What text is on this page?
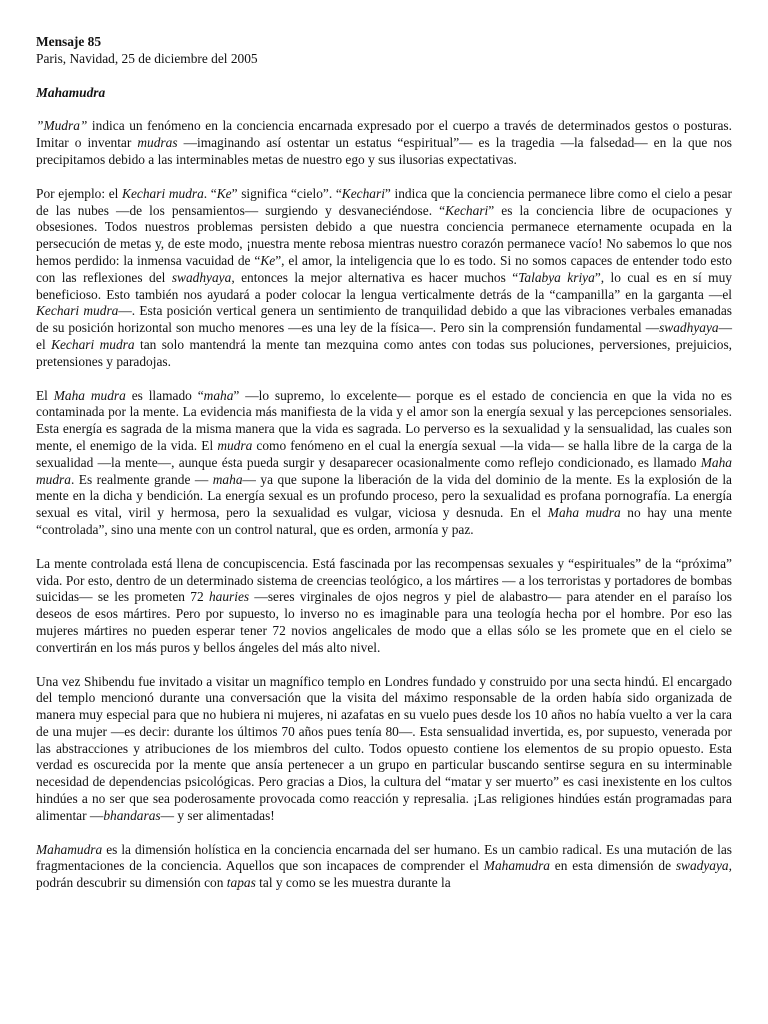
Mensaje 85

Paris, Navidad, 25 de diciembre del 2005

Mahamudra

”Mudra” indica un fenómeno en la conciencia encarnada expresado por el cuerpo a través de determinados gestos o posturas. Imitar o inventar mudras —imaginando así ostentar un estatus “espiritual”— es la tragedia —la falsedad— en la que nos precipitamos debido a las interminables metas de nuestro ego y sus ilusorias expectativas.

Por ejemplo: el Kechari mudra. “Ke” significa “cielo”. “Kechari” indica que la conciencia permanece libre como el cielo a pesar de las nubes —de los pensamientos— surgiendo y desvaneciéndose. “Kechari” es la conciencia libre de ocupaciones y obsesiones. Todos nuestros problemas persisten debido a que nuestra conciencia permanece eternamente ocupada en la persecución de metas y, de este modo, ¡nuestra mente rebosa mientras nuestro corazón permanece vacío! No sabemos lo que nos hemos perdido: la inmensa vacuidad de “Ke”, el amor, la inteligencia que lo es todo. Si no somos capaces de entender todo esto con las reflexiones del swadhyaya, entonces la mejor alternativa es hacer muchos “Talabya kriya”, lo cual es en sí muy beneficioso. Esto también nos ayudará a poder colocar la lengua verticalmente detrás de la “campanilla” en la garganta —el Kechari mudra—. Esta posición vertical genera un sentimiento de tranquilidad debido a que las vibraciones verbales emanadas de su posición horizontal son mucho menores —es una ley de la física—. Pero sin la comprensión fundamental —swadhyaya— el Kechari mudra tan solo mantendrá la mente tan mezquina como antes con todas sus poluciones, perversiones, prejuicios, pretensiones y paradojas.

El Maha mudra es llamado “maha” —lo supremo, lo excelente— porque es el estado de conciencia en que la vida no es contaminada por la mente. La evidencia más manifiesta de la vida y el amor son la energía sexual y las percepciones sensoriales. Esta energía es sagrada de la misma manera que la vida es sagrada. Lo perverso es la sexualidad y la sensualidad, las cuales son mente, el enemigo de la vida. El mudra como fenómeno en el cual la energía sexual —la vida— se halla libre de la carga de la sexualidad —la mente—, aunque ésta pueda surgir y desaparecer ocasionalmente como reflejo condicionado, es llamado Maha mudra. Es realmente grande — maha— ya que supone la liberación de la vida del dominio de la mente. Es la explosión de la mente en la dicha y bendición. La energía sexual es un profundo proceso, pero la sexualidad es profana pornografía. La energía sexual es vital, viril y hermosa, pero la sexualidad es vulgar, viciosa y desnuda. En el Maha mudra no hay una mente “controlada”, sino una mente con un control natural, que es orden, armonía y paz.

La mente controlada está llena de concupiscencia. Está fascinada por las recompensas sexuales y “espirituales” de la “próxima” vida. Por esto, dentro de un determinado sistema de creencias teológico, a los mártires — a los terroristas y portadores de bombas suicidas— se les prometen 72 hauries —seres virginales de ojos negros y piel de alabastro— para atender en el paraíso los deseos de esos mártires. Pero por supuesto, lo inverso no es imaginable para una teología hecha por el hombre. Por eso las mujeres mártires no pueden esperar tener 72 novios angelicales de modo que a ellas sólo se les promete que en el cielo se convertirán en los más puros y bellos ángeles del más alto nivel.

Una vez Shibendu fue invitado a visitar un magnífico templo en Londres fundado y construido por una secta hindú. El encargado del templo mencionó durante una conversación que la visita del máximo responsable de la orden había sido organizada de manera muy especial para que no hubiera ni mujeres, ni azafatas en su vuelo pues desde los 10 años no había vuelto a ver la cara de una mujer —es decir: durante los últimos 70 años pues tenía 80—. Esta sensualidad invertida, es, por supuesto, venerada por las abstracciones y atribuciones de los miembros del culto. Todos opuesto contiene los elementos de su propio opuesto. Esta verdad es oscurecida por la mente que ansía pertenecer a un grupo en particular buscando sentirse segura en su interminable necesidad de dependencias psicológicas. Pero gracias a Dios, la cultura del “matar y ser muerto” es casi inexistente en los cultos hindúes a no ser que sea poderosamente provocada como reacción y represalia. ¡Las religiones hindúes están programadas para alimentar —bhandaras— y ser alimentadas!

Mahamudra es la dimensión holística en la conciencia encarnada del ser humano. Es un cambio radical. Es una mutación de las fragmentaciones de la conciencia. Aquellos que son incapaces de comprender el Mahamudra en esta dimensión de swadyaya, podrán descubrir su dimensión con tapas tal y como se les muestra durante la
